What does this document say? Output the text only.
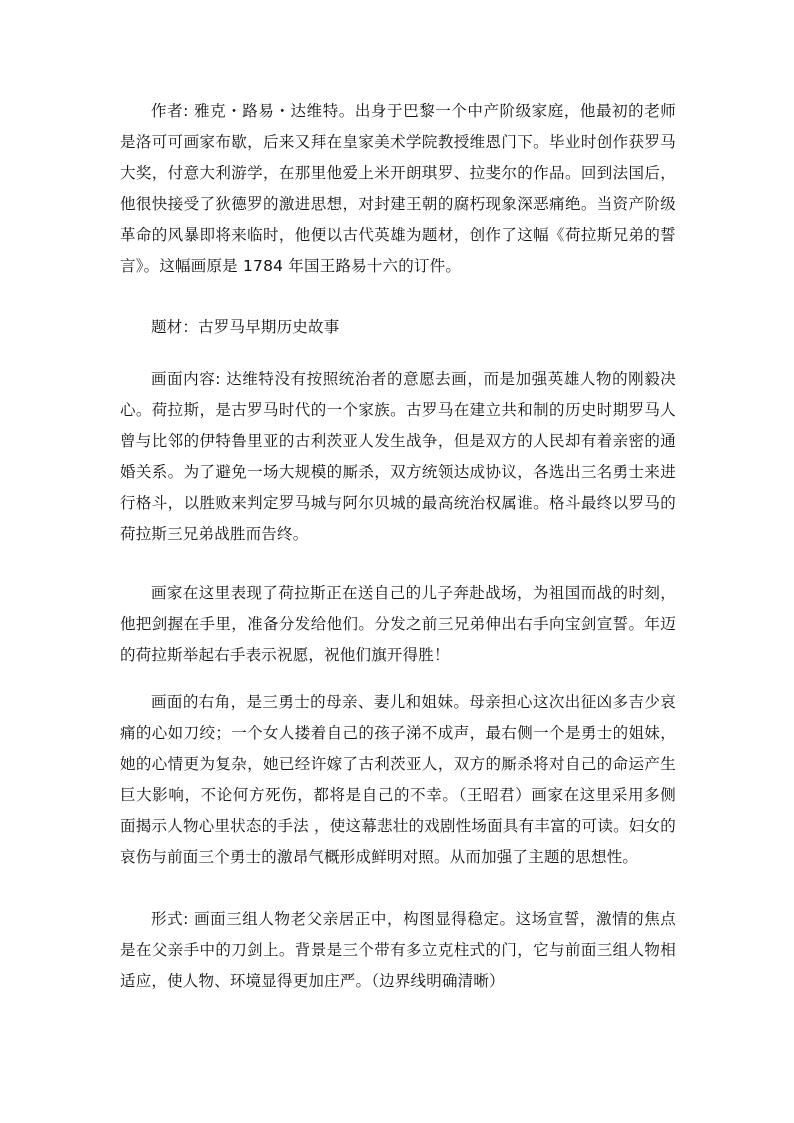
作者: 雅克・路易・达维特。出身于巴黎一个中产阶级家庭，他最初的老师是洛可可画家布歇，后来又拜在皇家美术学院教授维恩门下。毕业时创作获罗马大奖，付意大利游学，在那里他爱上米开朗琪罗、拉斐尔的作品。回到法国后，他很快接受了狄德罗的激进思想，对封建王朝的腐朽现象深恶痛绝。当资产阶级革命的风暴即将来临时，他便以古代英雄为题材，创作了这幅《荷拉斯兄弟的誓言》。这幅画原是 1784 年国王路易十六的订件。

题材：古罗马早期历史故事

画面内容: 达维特没有按照统治者的意愿去画，而是加强英雄人物的刚毅决心。荷拉斯，是古罗马时代的一个家族。古罗马在建立共和制的历史时期罗马人曾与比邻的伊特鲁里亚的古利茨亚人发生战争，但是双方的人民却有着亲密的通婚关系。为了避免一场大规模的厮杀，双方统领达成协议，各选出三名勇士来进行格斗，以胜败来判定罗马城与阿尔贝城的最高统治权属谁。格斗最终以罗马的荷拉斯三兄弟战胜而告终。

画家在这里表现了荷拉斯正在送自己的儿子奔赴战场，为祖国而战的时刻，他把剑握在手里，准备分发给他们。分发之前三兄弟伸出右手向宝剑宣誓。年迈的荷拉斯举起右手表示祝愿，祝他们旗开得胜！

画面的右角，是三勇士的母亲、妻儿和姐妹。母亲担心这次出征凶多吉少哀痛的心如刀绞；一个女人搂着自己的孩子涕不成声，最右侧一个是勇士的姐妹，她的心情更为复杂，她已经许嫁了古利茨亚人，双方的厮杀将对自己的命运产生巨大影响，不论何方死伤，都将是自己的不幸。（王昭君）画家在这里采用多侧面揭示人物心里状态的手法 ，使这幕悲壮的戏剧性场面具有丰富的可读。妇女的哀伤与前面三个勇士的激昂气概形成鲜明对照。从而加强了主题的思想性。

形式: 画面三组人物老父亲居正中，构图显得稳定。这场宣誓，激情的焦点是在父亲手中的刀剑上。背景是三个带有多立克柱式的门，它与前面三组人物相适应，使人物、环境显得更加庄严。（边界线明确清晰）
